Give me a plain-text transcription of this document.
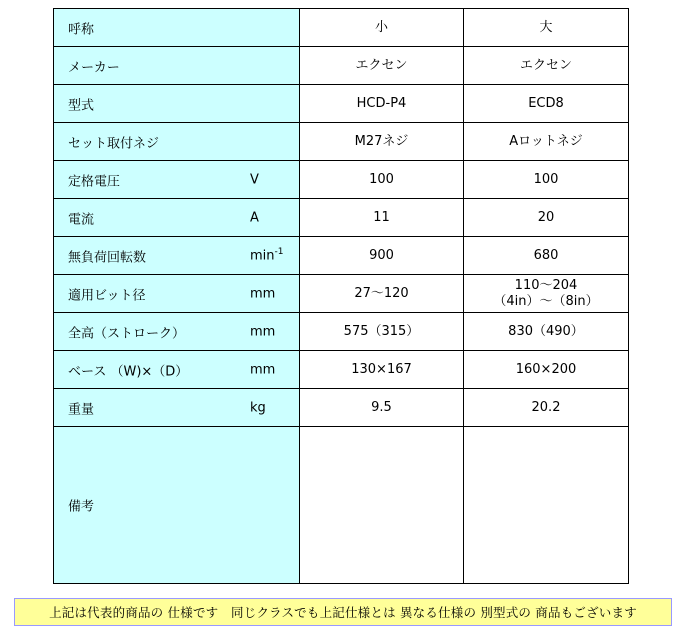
呼称	小	大

メーカー	エクセン	エクセン

型式	HCD-P4	ECD8

セット取付ネジ	M27ネジ	Aロットネジ

定格電圧 V	100	100

電流 A	11	20

無負荷回転数 $\min^{-1}$	900	680

適用ビット径 mm	27～120	110～204
（4in）～（8in）

全高（ストローク） mm	575（315）	830（490）

ベース （W)×（D） mm	130×167	160×200

重量 kg	9.5	20.2

備考		

上記は代表的商品の 仕様です　同じクラスでも上記仕様とは 異なる仕様の 別型式の 商品もございます
